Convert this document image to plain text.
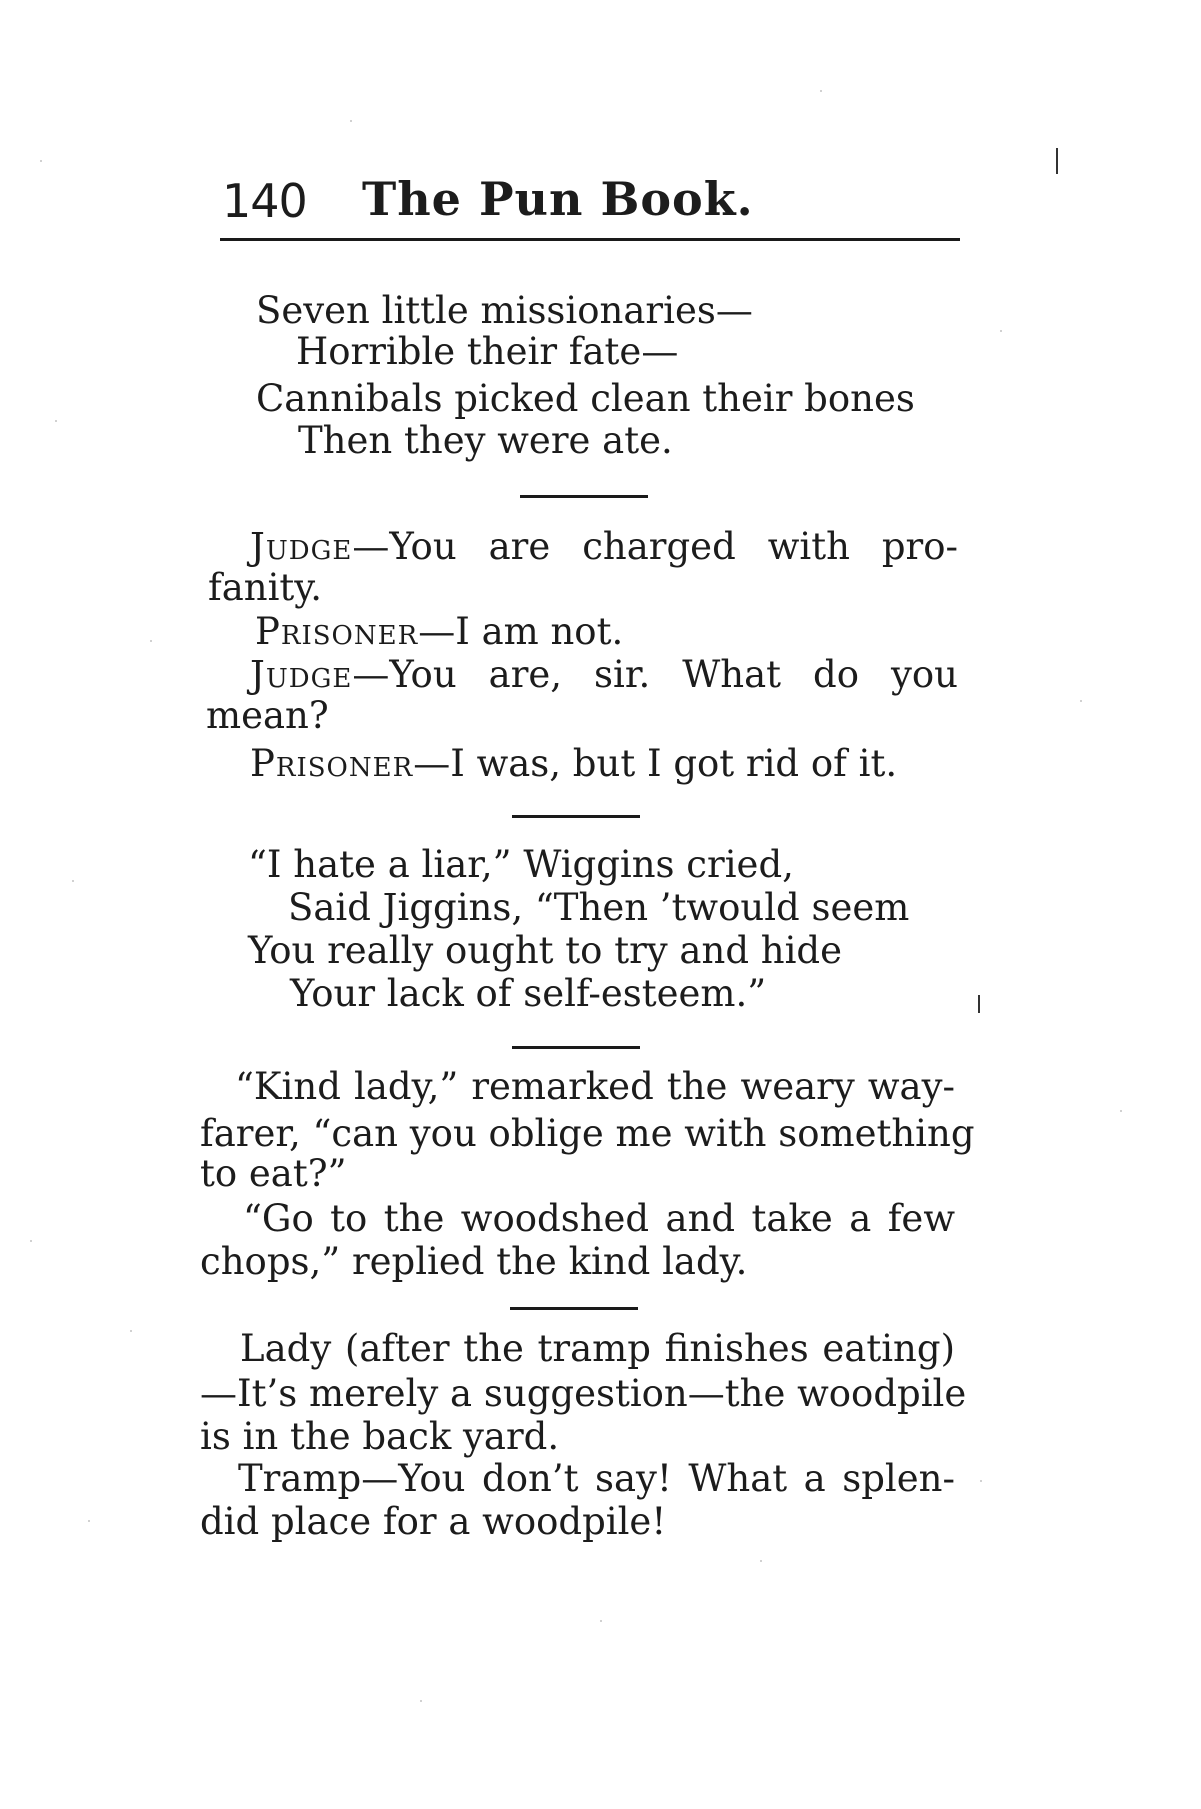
140 The Pun Book.
Seven little missionaries—
Horrible their fate—
Cannibals picked clean their bones
Then they were ate.
Judge—You are charged with pro-
fanity.
Prisoner—I am not.
Judge—You are, sir. What do you
mean?
Prisoner—I was, but I got rid of it.
“I hate a liar,” Wiggins cried,
Said Jiggins, “Then ’twould seem
You really ought to try and hide
Your lack of self-esteem.”
“Kind lady,” remarked the weary way-
farer, “can you oblige me with something
to eat?”
“Go to the woodshed and take a few
chops,” replied the kind lady.
Lady (after the tramp finishes eating)
—It’s merely a suggestion—the woodpile
is in the back yard.
Tramp—You don’t say! What a splen-
did place for a woodpile!
